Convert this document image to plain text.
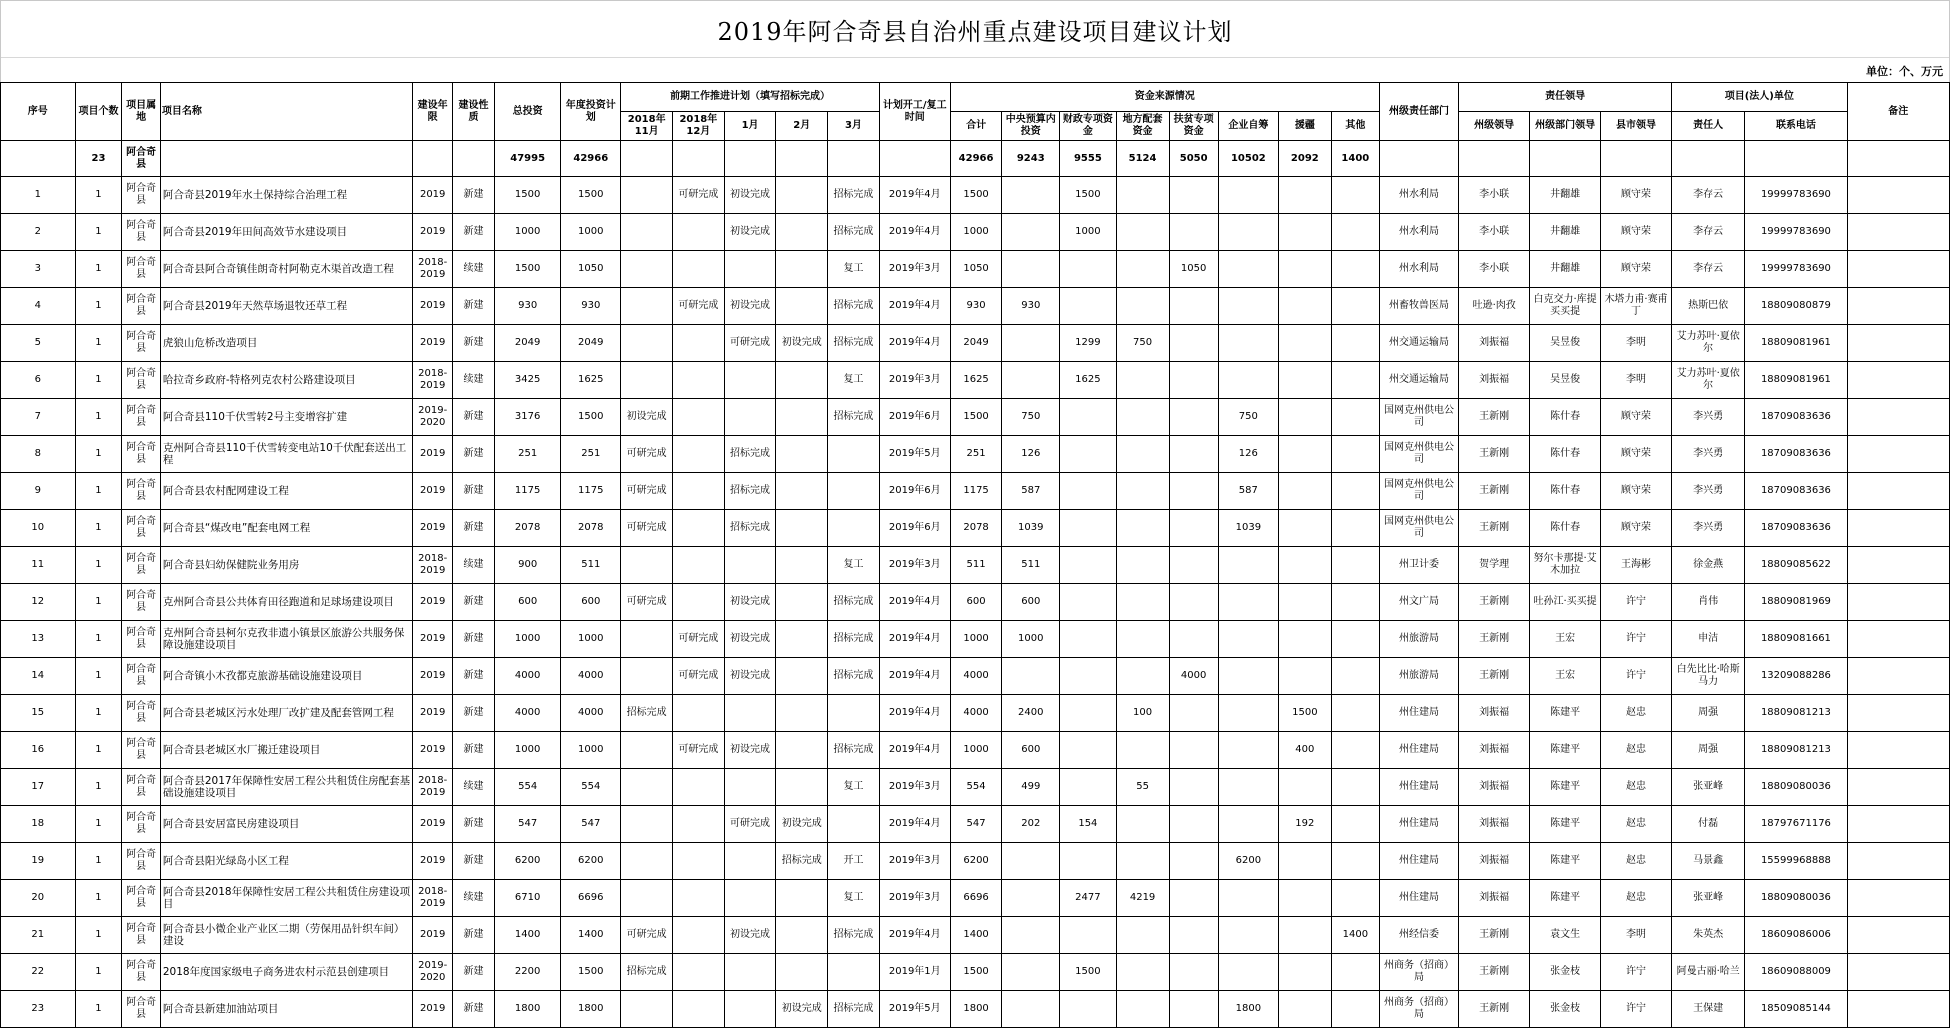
2019年阿合奇县自治州重点建设项目建议计划
单位：个、万元
序号	项目个数	项目属地	项目名称	建设年限	建设性质	总投资	年度投资计划	前期工作推进计划（填写招标完成）					计划开工/复工时间	资金来源情况								州级责任部门	责任领导			项目(法人)单位		备注
								2018年11月	2018年12月	1月	2月	3月		合计	中央预算内投资	财政专项资金	地方配套资金	扶贫专项资金	企业自筹	援疆	其他		州级领导	州级部门领导	县市领导	责任人	联系电话	
	23	阿合奇县				47995	42966							42966	9243	9555	5124	5050	10502	2092	1400							
1	1	阿合奇县	阿合奇县2019年水土保持综合治理工程	2019	新建	1500	1500		可研完成	初设完成		招标完成	2019年4月	1500		1500						州水利局	李小联	井翻雄	顾守荣	李存云	19999783690	
2	1	阿合奇县	阿合奇县2019年田间高效节水建设项目	2019	新建	1000	1000			初设完成		招标完成	2019年4月	1000		1000						州水利局	李小联	井翻雄	顾守荣	李存云	19999783690	
3	1	阿合奇县	阿合奇县阿合奇镇佳朗奇村阿勒克木渠首改造工程	2018-2019	续建	1500	1050					复工	2019年3月	1050				1050				州水利局	李小联	井翻雄	顾守荣	李存云	19999783690	
4	1	阿合奇县	阿合奇县2019年天然草场退牧还草工程	2019	新建	930	930		可研完成	初设完成		招标完成	2019年4月	930	930							州畜牧兽医局	吐逊·肉孜	白克交力·库提买买提	木塔力甫·赛甫丁	热斯巴依	18809080879	
5	1	阿合奇县	虎狼山危桥改造项目	2019	新建	2049	2049			可研完成	初设完成	招标完成	2019年4月	2049		1299	750					州交通运输局	刘振福	吴昱俊	李明	艾力苏叶·夏依尔	18809081961	
6	1	阿合奇县	哈拉奇乡政府-特格列克农村公路建设项目	2018-2019	续建	3425	1625					复工	2019年3月	1625		1625						州交通运输局	刘振福	吴昱俊	李明	艾力苏叶·夏依尔	18809081961	
7	1	阿合奇县	阿合奇县110千伏雪转2号主变增容扩建	2019-2020	新建	3176	1500	初设完成				招标完成	2019年6月	1500	750				750			国网克州供电公司	王新刚	陈什春	顾守荣	李兴勇	18709083636	
8	1	阿合奇县	克州阿合奇县110千伏雪转变电站10千伏配套送出工程	2019	新建	251	251	可研完成		招标完成			2019年5月	251	126				126			国网克州供电公司	王新刚	陈什春	顾守荣	李兴勇	18709083636	
9	1	阿合奇县	阿合奇县农村配网建设工程	2019	新建	1175	1175	可研完成		招标完成			2019年6月	1175	587				587			国网克州供电公司	王新刚	陈什春	顾守荣	李兴勇	18709083636	
10	1	阿合奇县	阿合奇县“煤改电”配套电网工程	2019	新建	2078	2078	可研完成		招标完成			2019年6月	2078	1039				1039			国网克州供电公司	王新刚	陈什春	顾守荣	李兴勇	18709083636	
11	1	阿合奇县	阿合奇县妇幼保健院业务用房	2018-2019	续建	900	511					复工	2019年3月	511	511							州卫计委	贺学理	努尔卡那提·艾木加拉	王海彬	徐金燕	18809085622	
12	1	阿合奇县	克州阿合奇县公共体育田径跑道和足球场建设项目	2019	新建	600	600	可研完成		初设完成		招标完成	2019年4月	600	600							州文广局	王新刚	吐孙江·买买提	许宁	肖伟	18809081969	
13	1	阿合奇县	克州阿合奇县柯尔克孜非遗小镇景区旅游公共服务保障设施建设项目	2019	新建	1000	1000		可研完成	初设完成		招标完成	2019年4月	1000	1000							州旅游局	王新刚	王宏	许宁	申洁	18809081661	
14	1	阿合奇县	阿合奇镇小木孜都克旅游基础设施建设项目	2019	新建	4000	4000		可研完成	初设完成		招标完成	2019年4月	4000				4000				州旅游局	王新刚	王宏	许宁	白先比比·哈斯马力	13209088286	
15	1	阿合奇县	阿合奇县老城区污水处理厂改扩建及配套管网工程	2019	新建	4000	4000	招标完成					2019年4月	4000	2400		100			1500		州住建局	刘振福	陈建平	赵忠	周强	18809081213	
16	1	阿合奇县	阿合奇县老城区水厂搬迁建设项目	2019	新建	1000	1000		可研完成	初设完成		招标完成	2019年4月	1000	600					400		州住建局	刘振福	陈建平	赵忠	周强	18809081213	
17	1	阿合奇县	阿合奇县2017年保障性安居工程公共租赁住房配套基础设施建设项目	2018-2019	续建	554	554					复工	2019年3月	554	499		55					州住建局	刘振福	陈建平	赵忠	张亚峰	18809080036	
18	1	阿合奇县	阿合奇县安居富民房建设项目	2019	新建	547	547			可研完成	初设完成		2019年4月	547	202	154				192		州住建局	刘振福	陈建平	赵忠	付磊	18797671176	
19	1	阿合奇县	阿合奇县阳光绿岛小区工程	2019	新建	6200	6200				招标完成	开工	2019年3月	6200					6200			州住建局	刘振福	陈建平	赵忠	马景鑫	15599968888	
20	1	阿合奇县	阿合奇县2018年保障性安居工程公共租赁住房建设项目	2018-2019	续建	6710	6696					复工	2019年3月	6696		2477	4219					州住建局	刘振福	陈建平	赵忠	张亚峰	18809080036	
21	1	阿合奇县	阿合奇县小微企业产业区二期（劳保用品针织车间）建设	2019	新建	1400	1400	可研完成		初设完成		招标完成	2019年4月	1400							1400	州经信委	王新刚	袁文生	李明	朱英杰	18609086006	
22	1	阿合奇县	2018年度国家级电子商务进农村示范县创建项目	2019-2020	新建	2200	1500	招标完成					2019年1月	1500		1500						州商务（招商）局	王新刚	张金枝	许宁	阿曼古丽·哈兰	18609088009	
23	1	阿合奇县	阿合奇县新建加油站项目	2019	新建	1800	1800				初设完成	招标完成	2019年5月	1800					1800			州商务（招商）局	王新刚	张金枝	许宁	王保建	18509085144	
